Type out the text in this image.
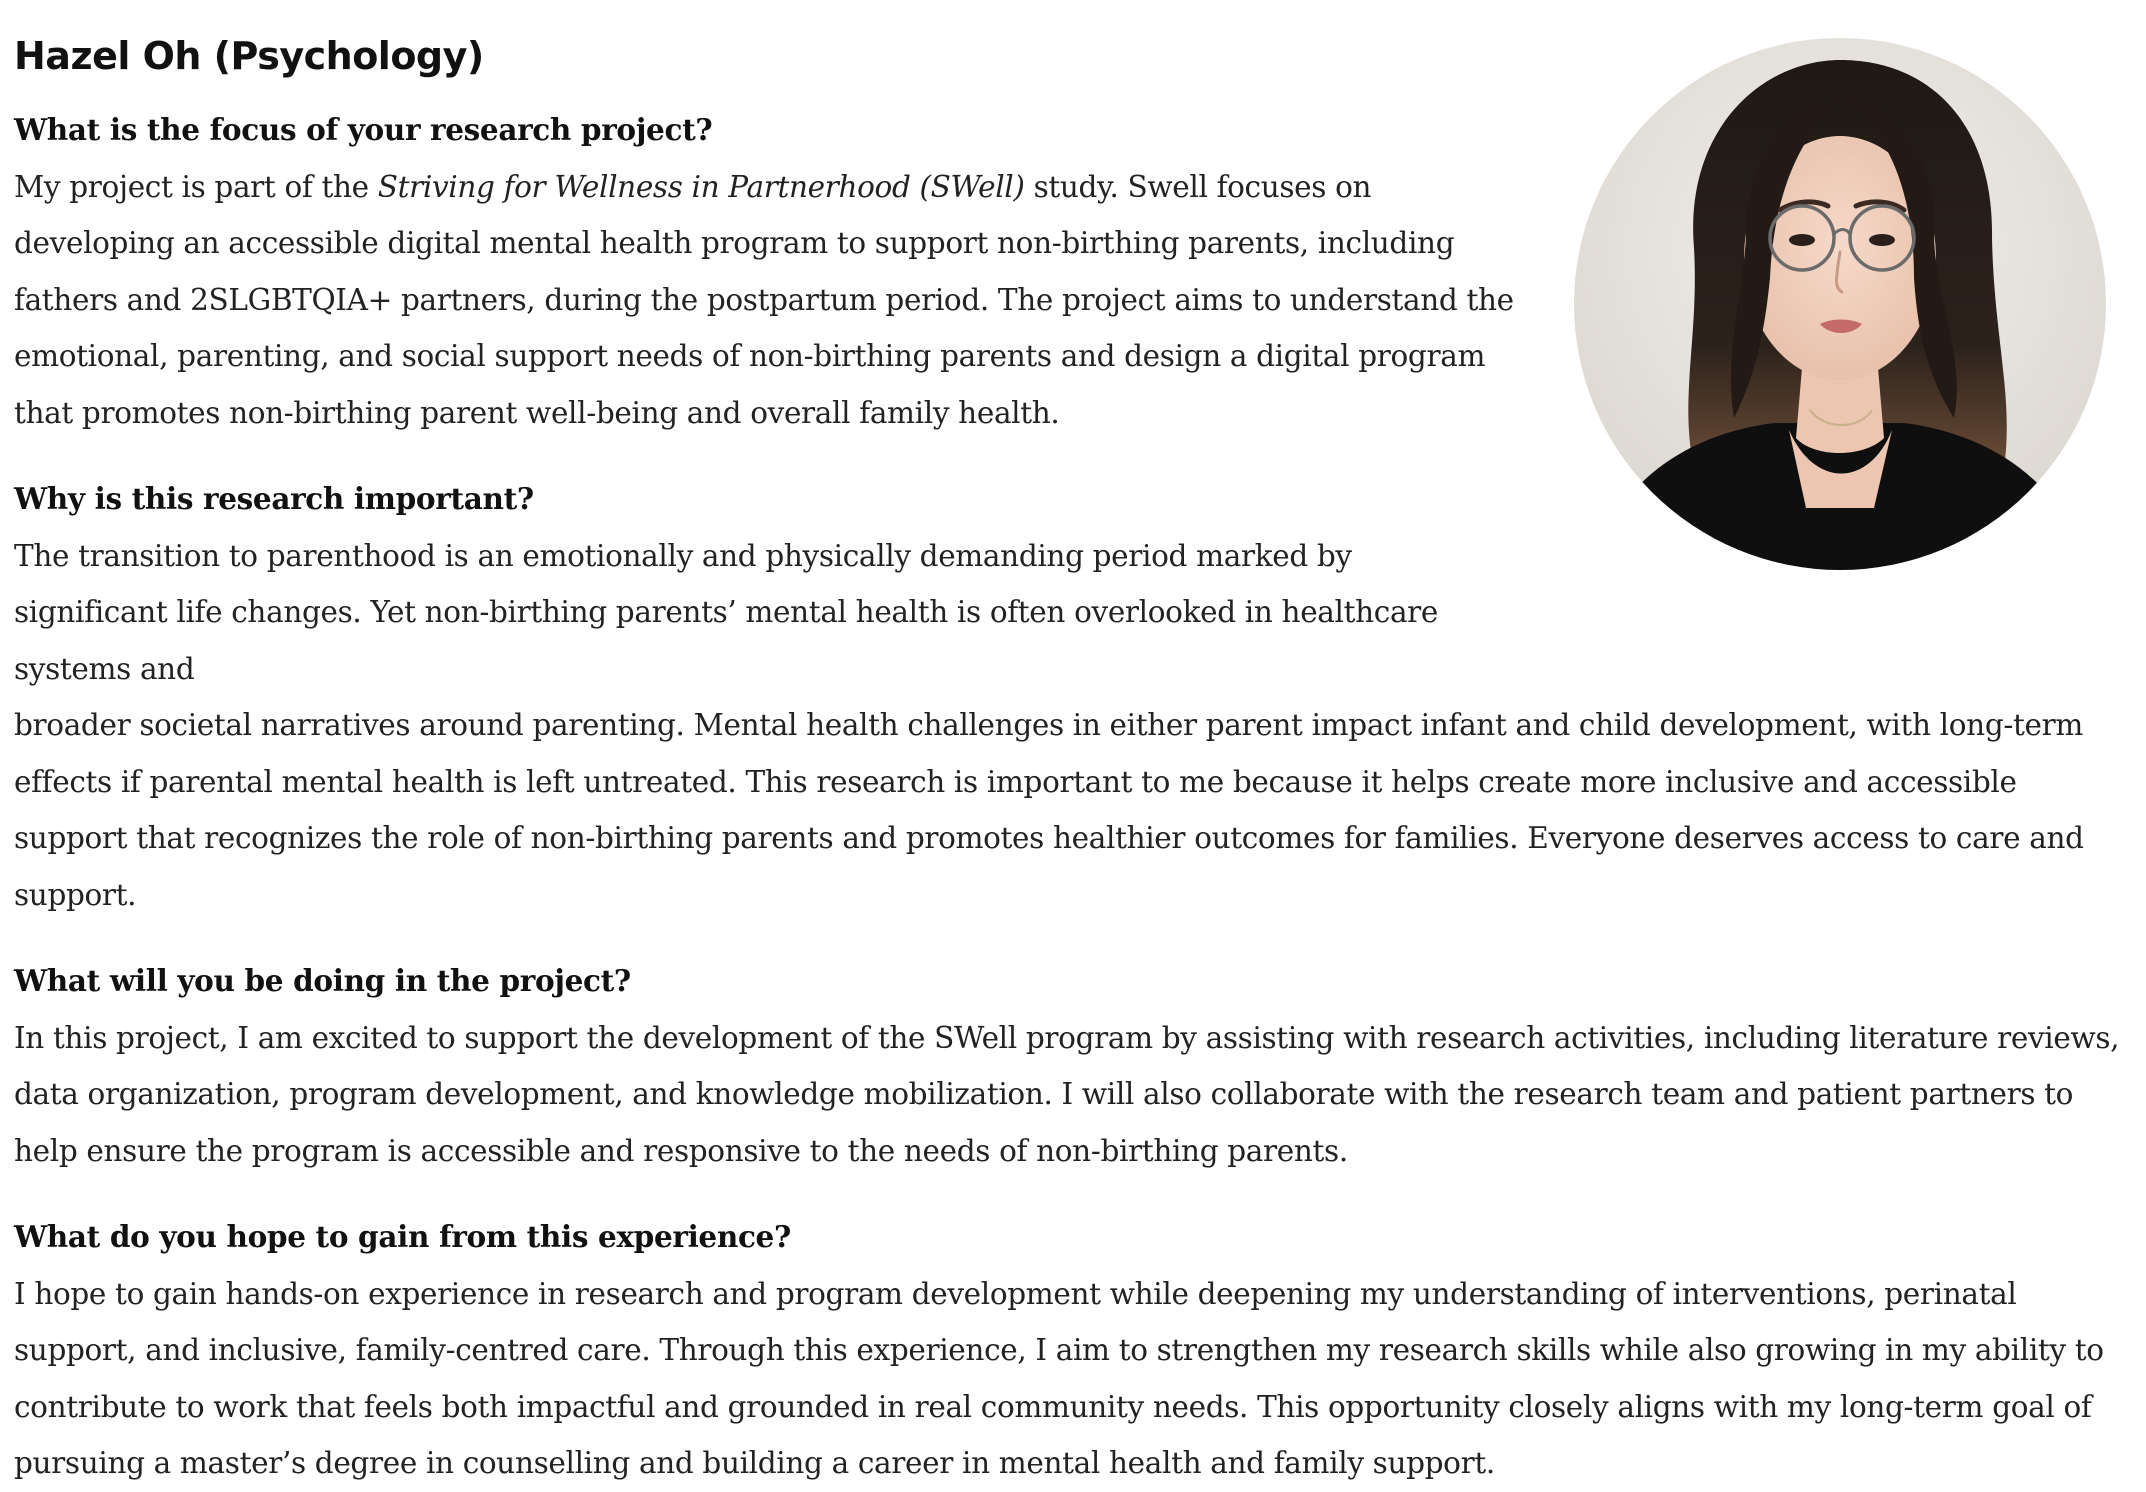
Hazel Oh (Psychology)

What is the focus of your research project?

My project is part of the Striving for Wellness in Partnerhood (SWell) study. Swell focuses on developing an accessible digital mental health program to support non-birthing parents, including fathers and 2SLGBTQIA+ partners, during the postpartum period. The project aims to understand the emotional, parenting, and social support needs of non-birthing parents and design a digital program that promotes non-birthing parent well-being and overall family health.

Why is this research important?

The transition to parenthood is an emotionally and physically demanding period marked by significant life changes. Yet non-birthing parents’ mental health is often overlooked in healthcare systems and

broader societal narratives around parenting. Mental health challenges in either parent impact infant and child development, with long-term effects if parental mental health is left untreated. This research is important to me because it helps create more inclusive and accessible support that recognizes the role of non-birthing parents and promotes healthier outcomes for families. Everyone deserves access to care and support.

What will you be doing in the project?

In this project, I am excited to support the development of the SWell program by assisting with research activities, including literature reviews, data organization, program development, and knowledge mobilization. I will also collaborate with the research team and patient partners to help ensure the program is accessible and responsive to the needs of non-birthing parents.

What do you hope to gain from this experience?

I hope to gain hands-on experience in research and program development while deepening my understanding of interventions, perinatal support, and inclusive, family-centred care. Through this experience, I aim to strengthen my research skills while also growing in my ability to contribute to work that feels both impactful and grounded in real community needs. This opportunity closely aligns with my long-term goal of pursuing a master’s degree in counselling and building a career in mental health and family support.
